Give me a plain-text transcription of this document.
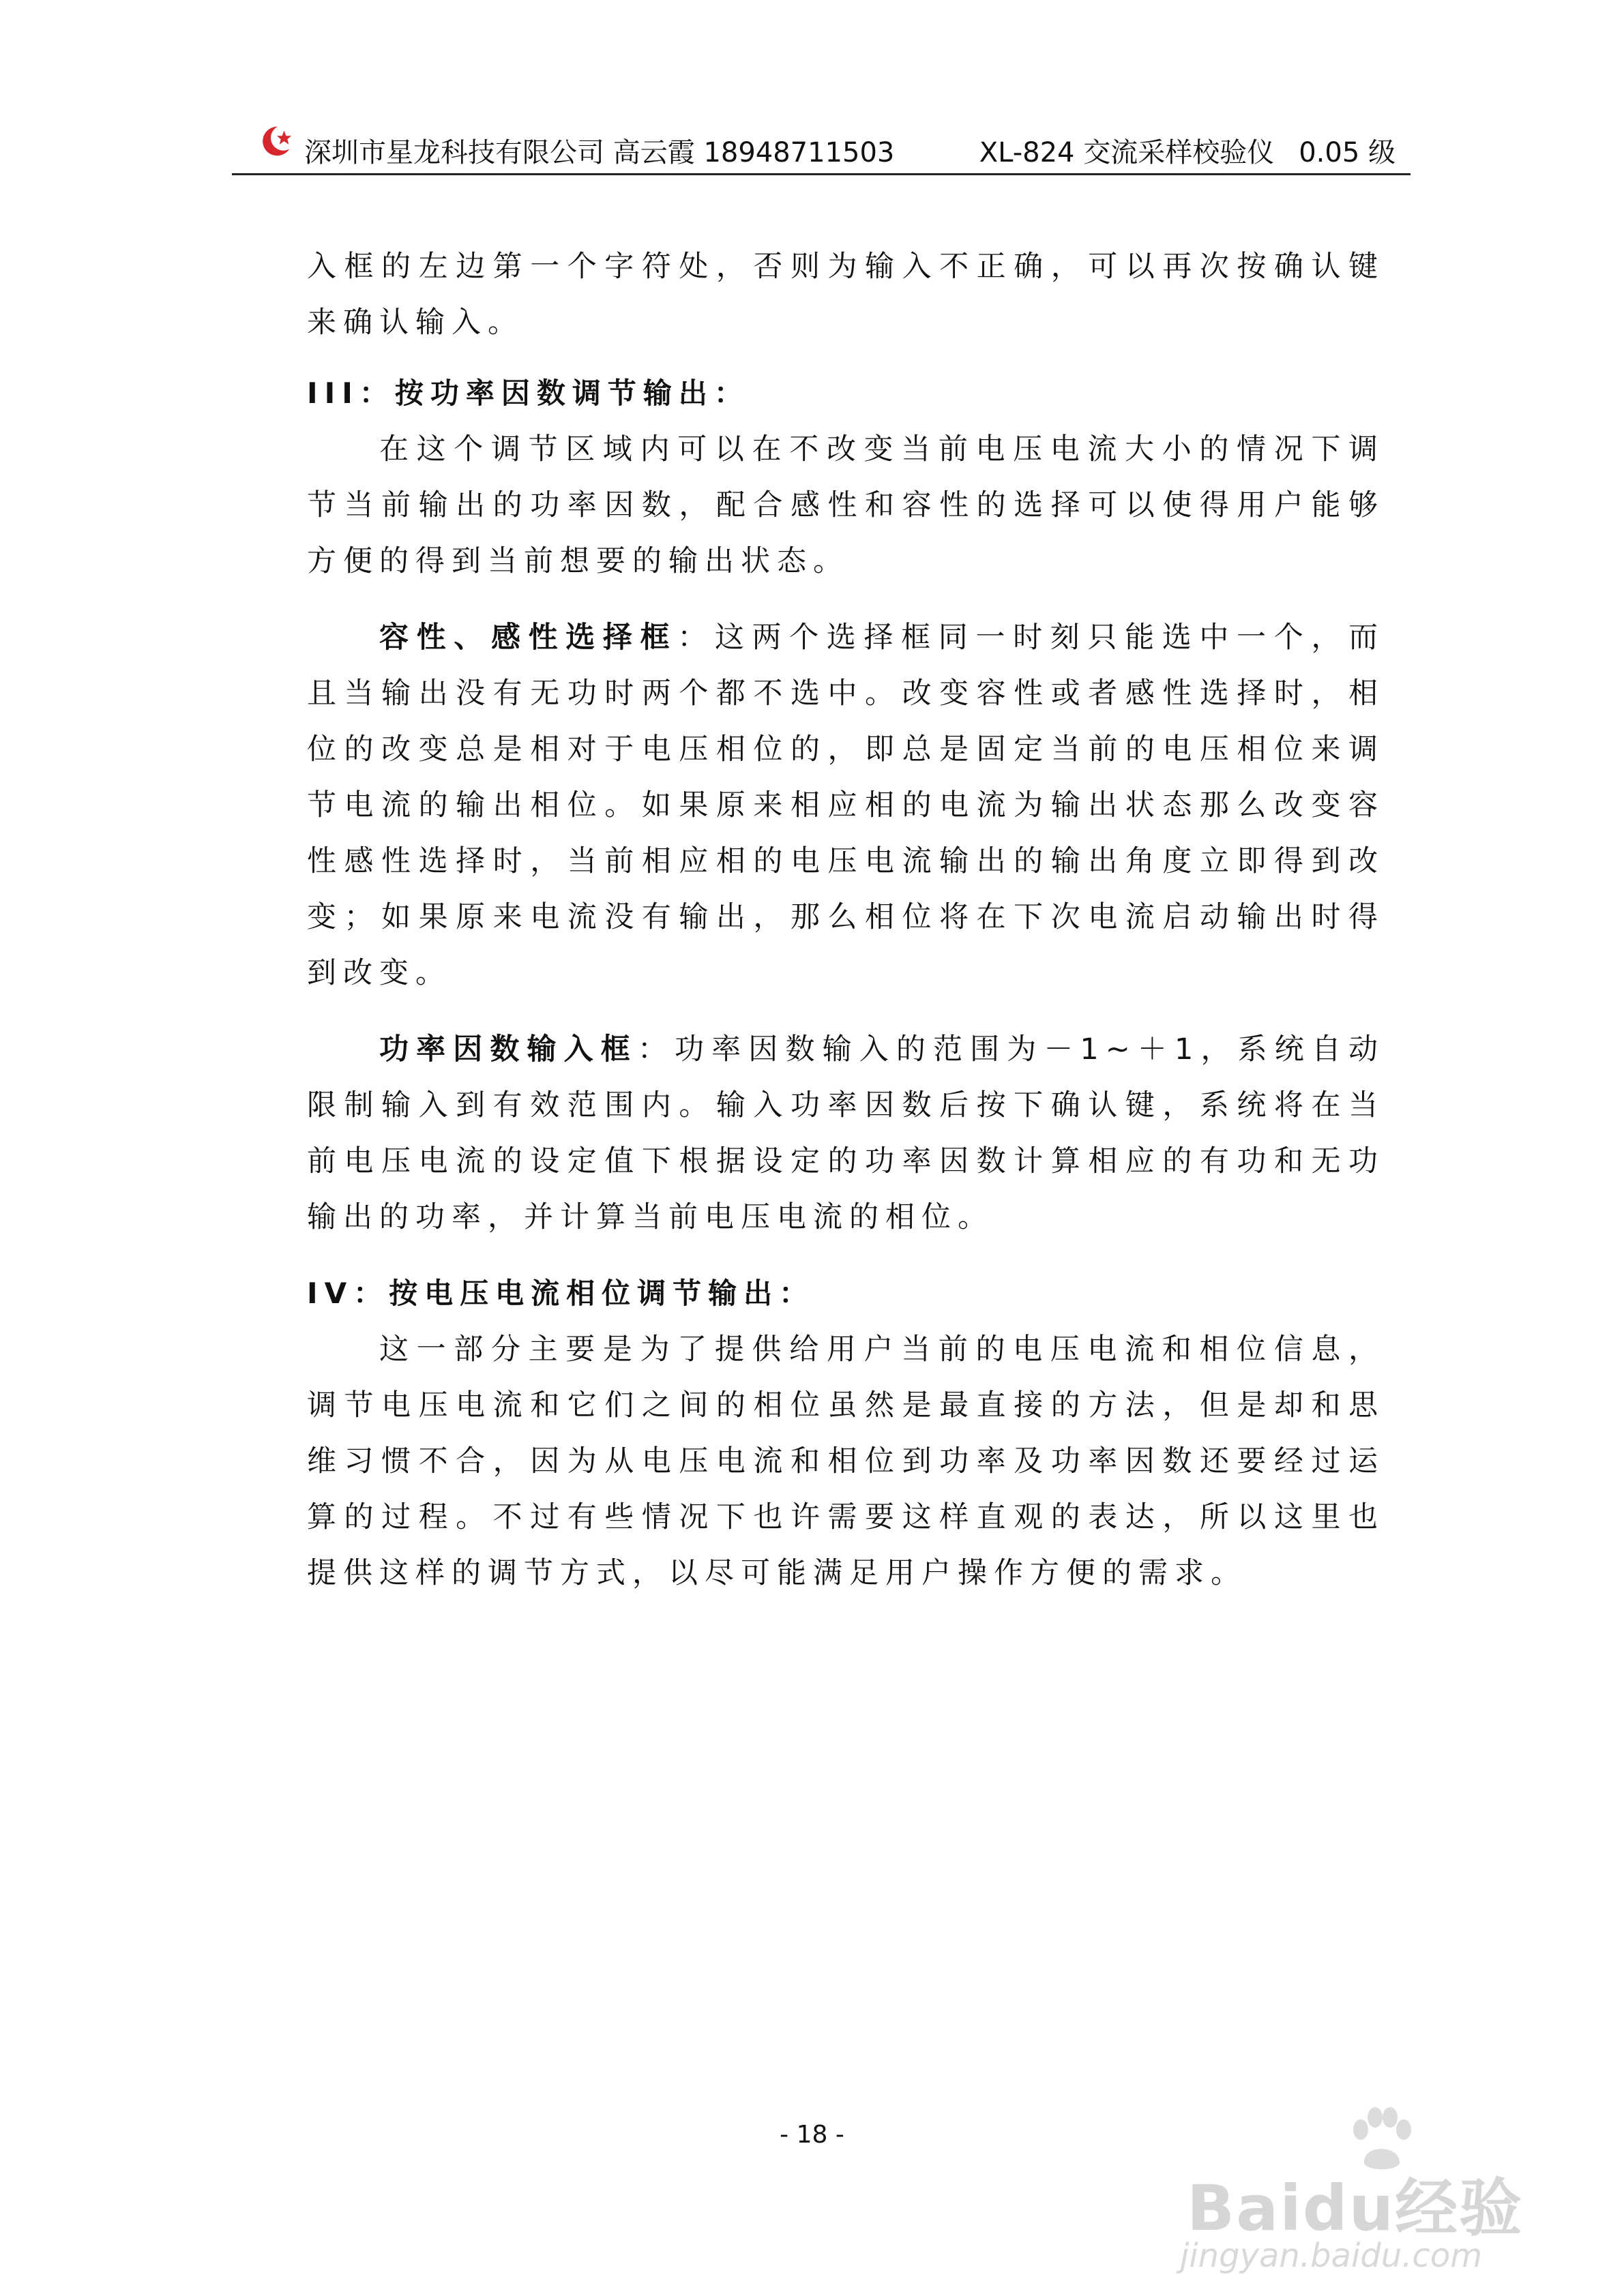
深圳市星龙科技有限公司 高云霞 18948711503	XL-824 交流采样校验仪 0.05 级

入框的左边第一个字符处，否则为输入不正确，可以再次按确认键来确认输入。

III：按功率因数调节输出：

在这个调节区域内可以在不改变当前电压电流大小的情况下调节当前输出的功率因数，配合感性和容性的选择可以使得用户能够方便的得到当前想要的输出状态。

容性、感性选择框：这两个选择框同一时刻只能选中一个，而且当输出没有无功时两个都不选中。改变容性或者感性选择时，相位的改变总是相对于电压相位的，即总是固定当前的电压相位来调节电流的输出相位。如果原来相应相的电流为输出状态那么改变容性感性选择时，当前相应相的电压电流输出的输出角度立即得到改变；如果原来电流没有输出，那么相位将在下次电流启动输出时得到改变。

功率因数输入框：功率因数输入的范围为－1~＋1，系统自动限制输入到有效范围内。输入功率因数后按下确认键，系统将在当前电压电流的设定值下根据设定的功率因数计算相应的有功和无功输出的功率，并计算当前电压电流的相位。

IV：按电压电流相位调节输出：

这一部分主要是为了提供给用户当前的电压电流和相位信息，调节电压电流和它们之间的相位虽然是最直接的方法，但是却和思维习惯不合，因为从电压电流和相位到功率及功率因数还要经过运算的过程。不过有些情况下也许需要这样直观的表达，所以这里也提供这样的调节方式，以尽可能满足用户操作方便的需求。

- 18 -
Baidu经验
jingyan.baidu.com
